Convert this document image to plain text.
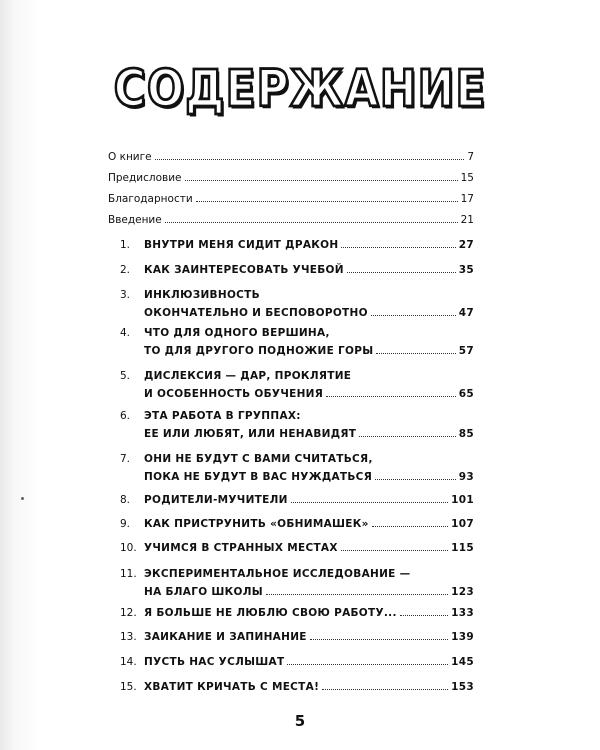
СОДЕРЖАНИЕ
О книге	7
Предисловие	15
Благодарности	17
Введение	21
1.	ВНУТРИ МЕНЯ СИДИТ ДРАКОН	27
2.	КАК ЗАИНТЕРЕСОВАТЬ УЧЕБОЙ	35
3.	ИНКЛЮЗИВНОСТЬ
ОКОНЧАТЕЛЬНО И БЕСПОВОРОТНО	47
4.	ЧТО ДЛЯ ОДНОГО ВЕРШИНА,
ТО ДЛЯ ДРУГОГО ПОДНОЖИЕ ГОРЫ	57
5.	ДИСЛЕКСИЯ — ДАР, ПРОКЛЯТИЕ
И ОСОБЕННОСТЬ ОБУЧЕНИЯ	65
6.	ЭТА РАБОТА В ГРУППАХ:
ЕЕ ИЛИ ЛЮБЯТ, ИЛИ НЕНАВИДЯТ	85
7.	ОНИ НЕ БУДУТ С ВАМИ СЧИТАТЬСЯ,
ПОКА НЕ БУДУТ В ВАС НУЖДАТЬСЯ	93
8.	РОДИТЕЛИ-МУЧИТЕЛИ	101
9.	КАК ПРИСТРУНИТЬ «ОБНИМАШЕК»	107
10. УЧИМСЯ В СТРАННЫХ МЕСТАХ	115
11. ЭКСПЕРИМЕНТАЛЬНОЕ ИССЛЕДОВАНИЕ —
НА БЛАГО ШКОЛЫ	123
12. Я БОЛЬШЕ НЕ ЛЮБЛЮ СВОЮ РАБОТУ...	133
13. ЗАИКАНИЕ И ЗАПИНАНИЕ	139
14. ПУСТЬ НАС УСЛЫШАТ	145
15. ХВАТИТ КРИЧАТЬ С МЕСТА!	153
5
